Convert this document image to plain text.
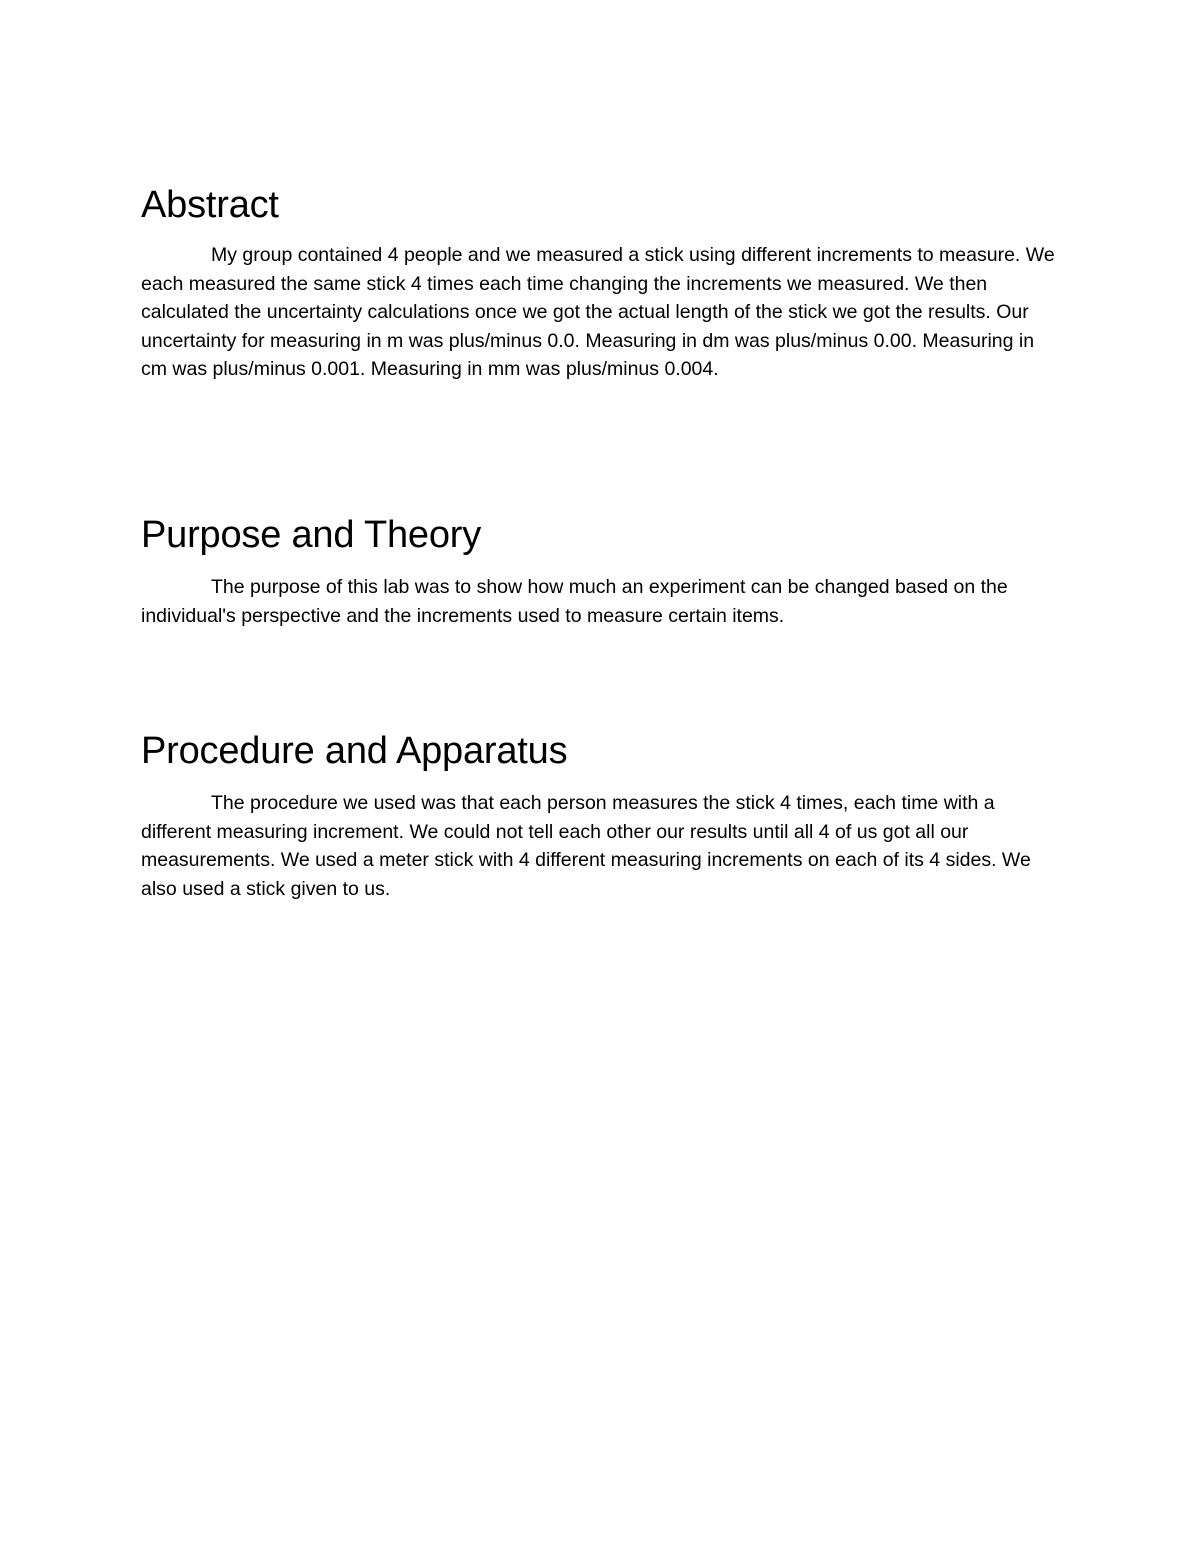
Abstract

My group contained 4 people and we measured a stick using different increments to measure. We each measured the same stick 4 times each time changing the increments we measured. We then calculated the uncertainty calculations once we got the actual length of the stick we got the results. Our uncertainty for measuring in m was plus/minus 0.0. Measuring in dm was plus/minus 0.00. Measuring in cm was plus/minus 0.001. Measuring in mm was plus/minus 0.004.

Purpose and Theory

The purpose of this lab was to show how much an experiment can be changed based on the individual's perspective and the increments used to measure certain items.

Procedure and Apparatus

The procedure we used was that each person measures the stick 4 times, each time with a different measuring increment. We could not tell each other our results until all 4 of us got all our measurements. We used a meter stick with 4 different measuring increments on each of its 4 sides. We also used a stick given to us.
